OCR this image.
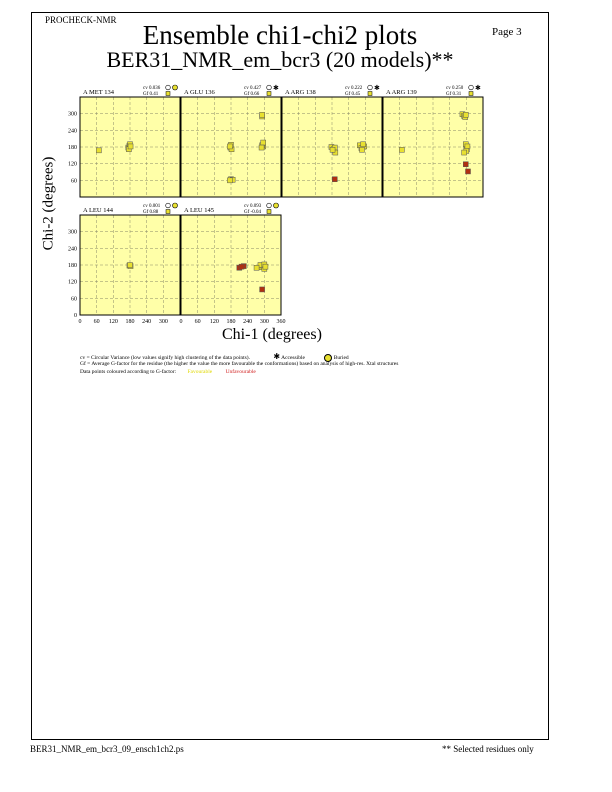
PROCHECK-NMR
Page 3
Ensemble chi1-chi2 plots
BER31_NMR_em_bcr3 (20 models)**
Chi-2 (degrees)
Chi-1 (degrees)
A MET 134
cv 0.036
Gf 0.41	A GLU 136
cv 0.427
Gf 0.66
✱
A ARG 138
cv 0.222
Gf 0.45
✱
A ARG 139
cv 0.250
Gf 0.31
✱
A LEU 144
cv 0.001
Gf 0.88	A LEU 145
cv 0.093
Gf -0.04
60
120
180
240
300
0
60
120
180
240
300
0 60 120 180 240 300 0 60 120 180 240 300 360
cv = Circular Variance (low values signify high clustering of the data points).	✱ Accessible	Buried
Gf = Average G-factor for the residue (the higher the value the more favourable the conformations) based on analysis of high-res. Xtal structures
Data points coloured according to G-factor: Favourable Unfavourable
BER31_NMR_em_bcr3_09_ensch1ch2.ps	** Selected residues only
